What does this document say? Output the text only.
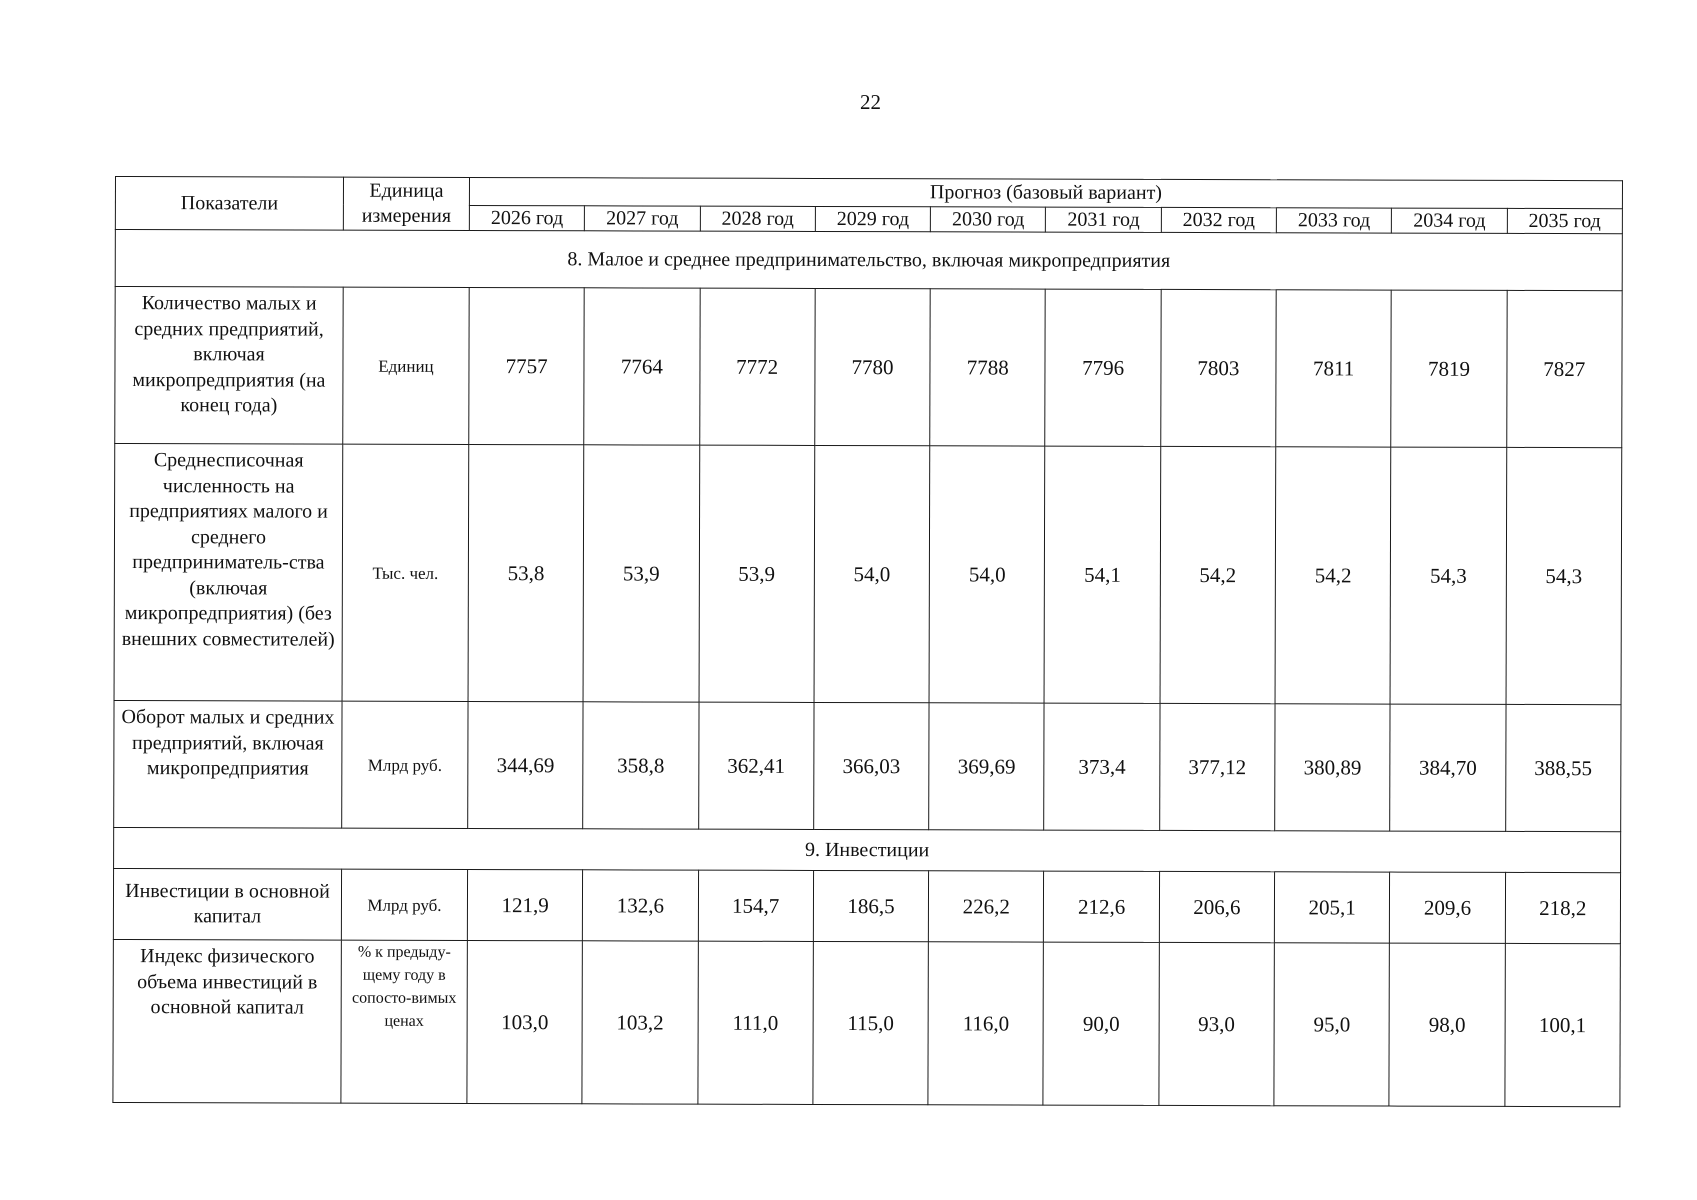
22
Показатели	Единица измерения	Прогноз (базовый вариант)									
		2026 год	2027 год	2028 год	2029 год	2030 год	2031 год	2032 год	2033 год	2034 год	2035 год
8. Малое и среднее предпринимательство, включая микропредприятия											
Количество малых и средних предприятий, включая микропредприятия (на конец года)	Единиц	7757	7764	7772	7780	7788	7796	7803	7811	7819	7827
Среднесписочная численность на предприятиях малого и среднего предприниматель-ства (включая микропредприятия) (без внешних совместителей)	Тыс. чел.	53,8	53,9	53,9	54,0	54,0	54,1	54,2	54,2	54,3	54,3
Оборот малых и средних предприятий, включая микропредприятия	Млрд руб.	344,69	358,8	362,41	366,03	369,69	373,4	377,12	380,89	384,70	388,55
9. Инвестиции											
Инвестиции в основной капитал	Млрд руб.	121,9	132,6	154,7	186,5	226,2	212,6	206,6	205,1	209,6	218,2
Индекс физического объема инвестиций в основной капитал	% к предыду-щему году в сопосто-вимых ценах	103,0	103,2	111,0	115,0	116,0	90,0	93,0	95,0	98,0	100,1
